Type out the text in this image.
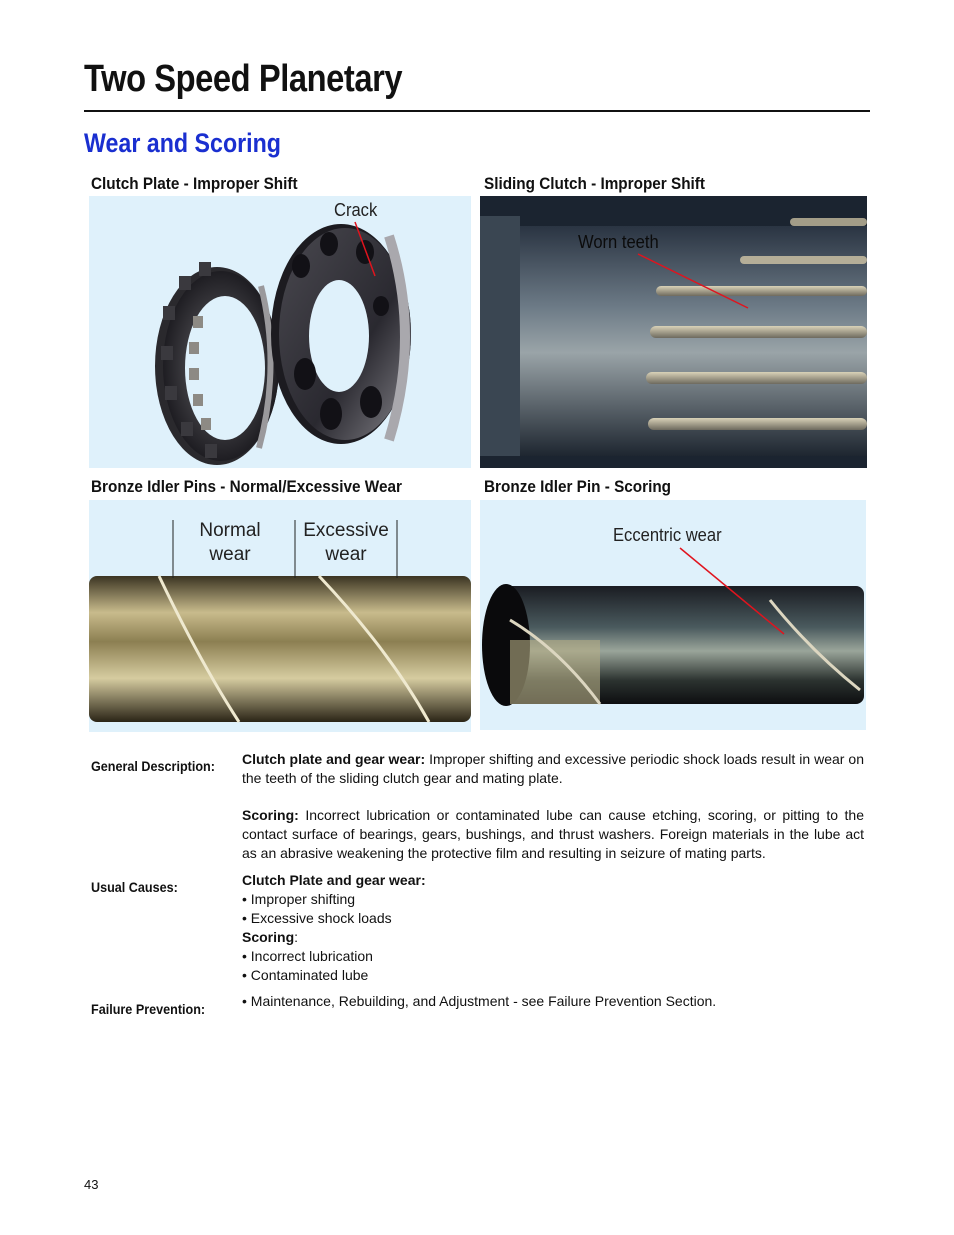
Two Speed Planetary
Wear and Scoring
Clutch Plate - Improper Shift
Crack
Sliding Clutch - Improper Shift
Worn teeth
Bronze Idler Pins - Normal/Excessive Wear
Normal
wear
Excessive
wear
Bronze Idler Pin - Scoring
Eccentric wear
General Description: Clutch plate and gear wear: Improper shifting and excessive periodic shock loads result in wear on the teeth of the sliding clutch gear and mating plate.
Scoring: Incorrect lubrication or contaminated lube can cause etching, scoring, or pitting to the contact surface of bearings, gears, bushings, and thrust washers. Foreign materials in the lube act as an abrasive weakening the protective film and resulting in seizure of mating parts.
Usual Causes:	Clutch Plate and gear wear:
• Improper shifting
• Excessive shock loads
Scoring:
• Incorrect lubrication
• Contaminated lube
Failure Prevention:	• Maintenance, Rebuilding, and Adjustment - see Failure Prevention Section.
43
